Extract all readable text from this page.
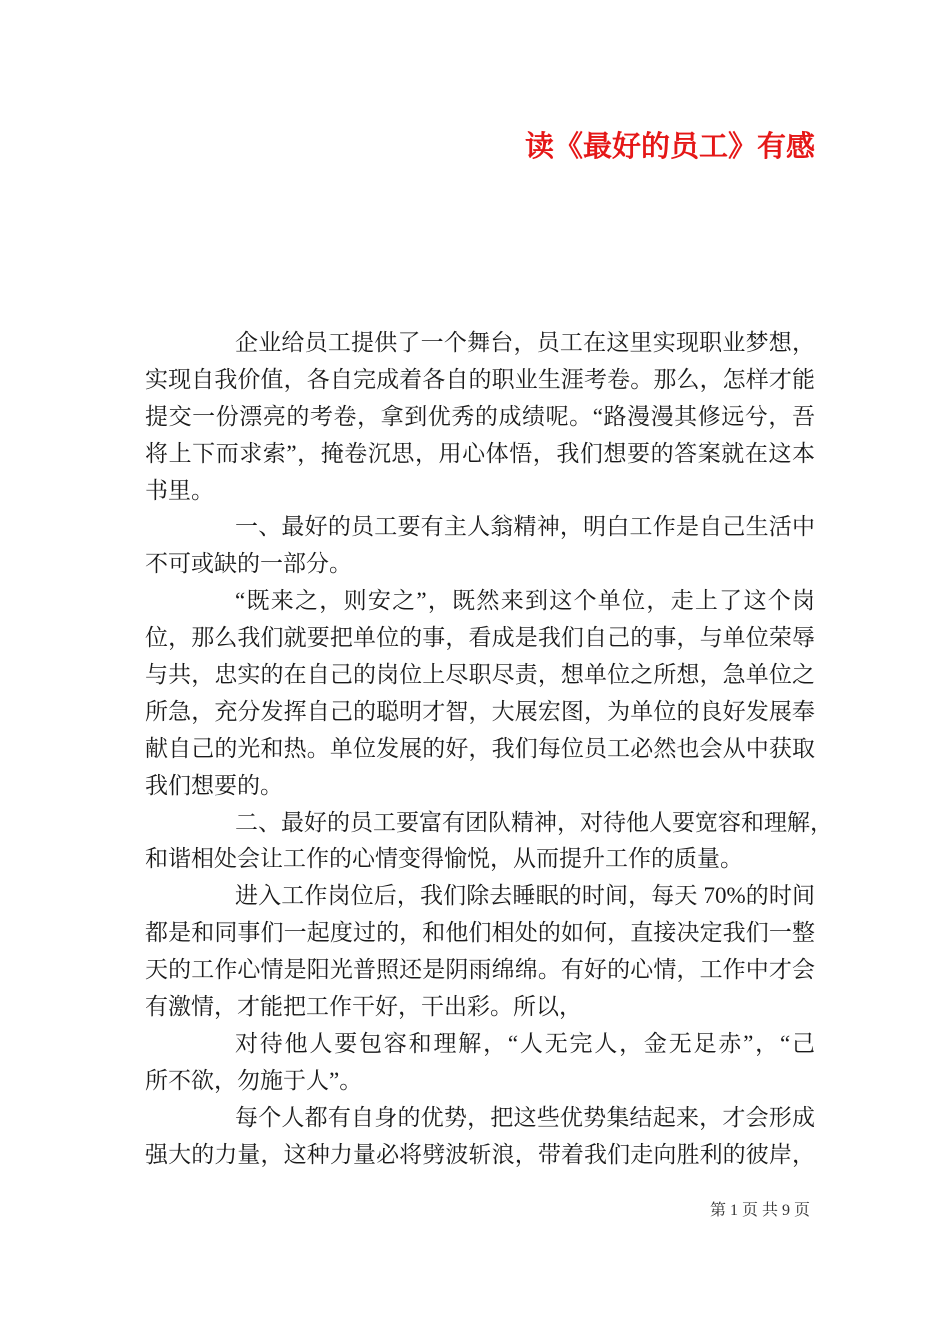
读《最好的员工》有感
企业给员工提供了一个舞台，员工在这里实现职业梦想，
实现自我价值，各自完成着各自的职业生涯考卷。那么，怎样才能
提交一份漂亮的考卷，拿到优秀的成绩呢。“路漫漫其修远兮，吾
将上下而求索”，掩卷沉思，用心体悟，我们想要的答案就在这本
书里。
一、最好的员工要有主人翁精神，明白工作是自己生活中
不可或缺的一部分。
“既来之，则安之”，既然来到这个单位，走上了这个岗
位，那么我们就要把单位的事，看成是我们自己的事，与单位荣辱
与共，忠实的在自己的岗位上尽职尽责，想单位之所想，急单位之
所急，充分发挥自己的聪明才智，大展宏图，为单位的良好发展奉
献自己的光和热。单位发展的好，我们每位员工必然也会从中获取
我们想要的。
二、最好的员工要富有团队精神，对待他人要宽容和理解，
和谐相处会让工作的心情变得愉悦，从而提升工作的质量。
进入工作岗位后，我们除去睡眠的时间，每天 70%的时间
都是和同事们一起度过的，和他们相处的如何，直接决定我们一整
天的工作心情是阳光普照还是阴雨绵绵。有好的心情，工作中才会
有激情，才能把工作干好，干出彩。所以，
对待他人要包容和理解，“人无完人，金无足赤”，“己
所不欲，勿施于人”。
每个人都有自身的优势，把这些优势集结起来，才会形成
强大的力量，这种力量必将劈波斩浪，带着我们走向胜利的彼岸，
第 1 页 共 9 页
